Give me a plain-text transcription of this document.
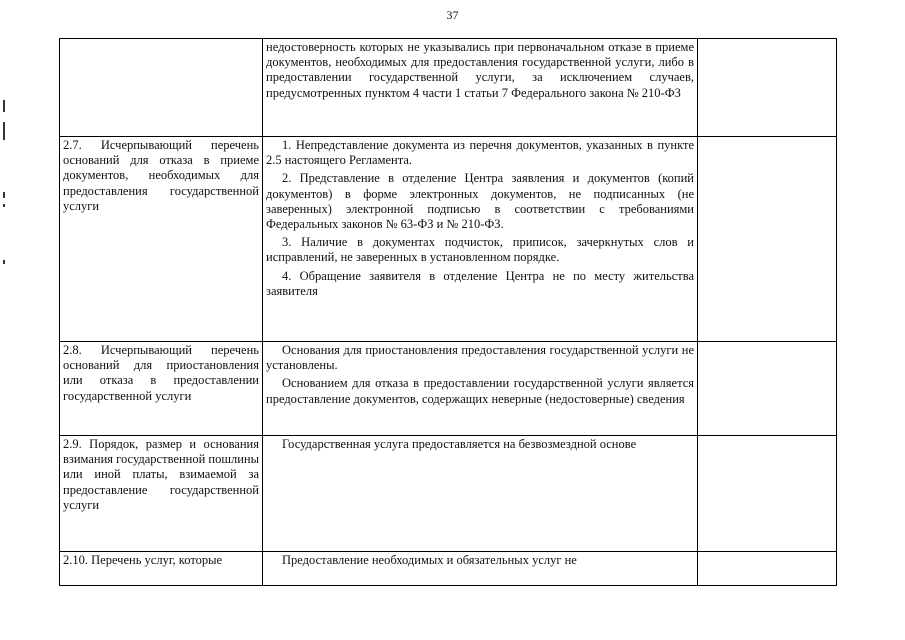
37

	недостоверность которых не указывались при первоначальном отказе в приеме документов, необходимых для предоставления государственной услуги, либо в предоставлении государственной услуги, за исключением случаев, предусмотренных пунктом 4 части 1 статьи 7 Федерального закона № 210-ФЗ	

2.7. Исчерпывающий перечень оснований для отказа в приеме документов, необходимых для предоставления государственной услуги	1. Непредставление документа из перечня документов, указанных в пункте 2.5 настоящего Регламента.
2. Представление в отделение Центра заявления и документов (копий документов) в форме электронных документов, не подписанных (не заверенных) электронной подписью в соответствии с требованиями Федеральных законов № 63-ФЗ и № 210-ФЗ.
3. Наличие в документах подчисток, приписок, зачеркнутых слов и исправлений, не заверенных в установленном порядке.
4. Обращение заявителя в отделение Центра не по месту жительства заявителя	

2.8. Исчерпывающий перечень оснований для приостановления или отказа в предоставлении государственной услуги	Основания для приостановления предоставления государственной услуги не установлены.
Основанием для отказа в предоставлении государственной услуги является предоставление документов, содержащих неверные (недостоверные) сведения	

2.9. Порядок, размер и основания взимания государственной пошлины или иной платы, взимаемой за предоставление государственной услуги	Государственная услуга предоставляется на безвозмездной основе	

2.10. Перечень услуг, которые	Предоставление необходимых и обязательных услуг не	
